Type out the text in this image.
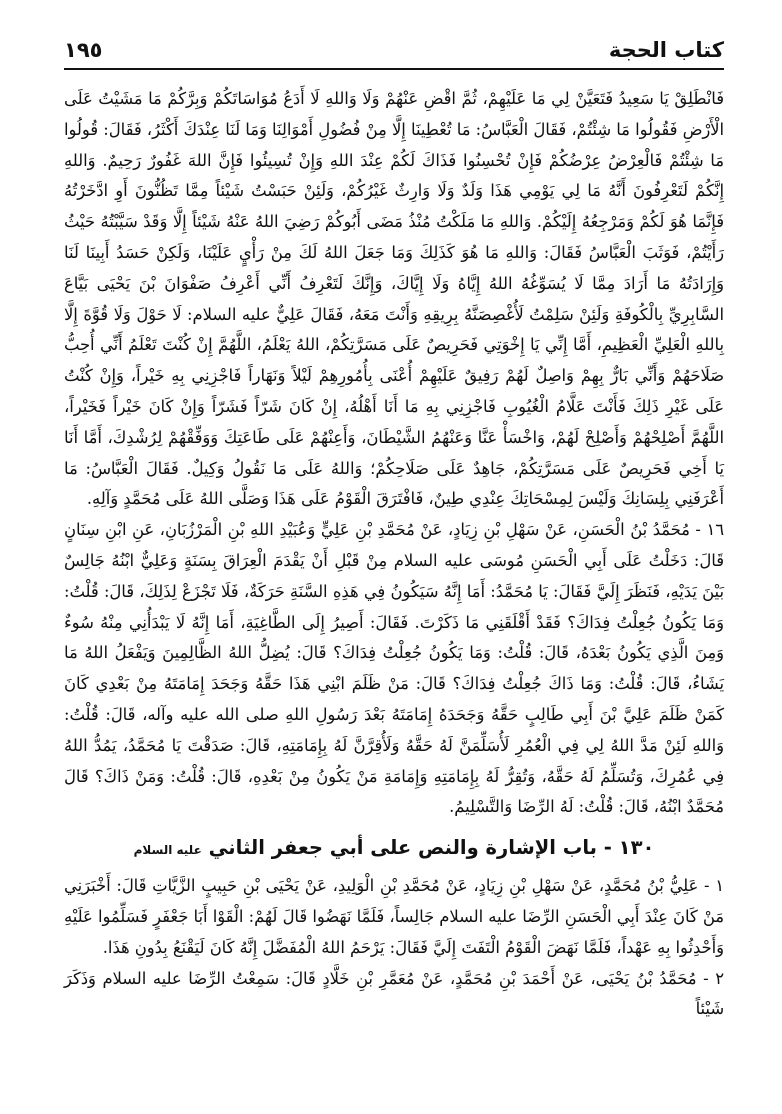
كتاب الحجة
١٩٥

فَانْطَلِقْ يَا سَعِيدُ فَتَعَيَّنْ لِي مَا عَلَيْهِمْ، ثُمَّ اقْضِ عَنْهُمْ وَلَا وَاللهِ لَا أَدَعُ مُوَاسَاتَكُمْ وَبِرَّكُمْ مَا مَشَيْتُ عَلَى الْأَرْضِ فَقُولُوا مَا شِئْتُمْ، فَقَالَ الْعَبَّاسُ: مَا تُعْطِينَا إِلَّا مِنْ فُضُولِ أَمْوَالِنَا وَمَا لَنَا عِنْدَكَ أَكْثَرُ، فَقَالَ: قُولُوا مَا شِئْتُمْ فَالْعِرْضُ عِرْضُكُمْ فَإِنْ تُحْسِنُوا فَذَاكَ لَكُمْ عِنْدَ اللهِ وَإِنْ تُسِيئُوا فَإِنَّ اللهَ غَفُورٌ رَحِيمٌ. وَاللهِ إِنَّكُمْ لَتَعْرِفُونَ أَنَّهُ مَا لِي يَوْمِي هَذَا وَلَدٌ وَلَا وَارِثٌ غَيْرُكُمْ، وَلَئِنْ حَبَسْتُ شَيْئاً مِمَّا تَظُنُّونَ أَوِ ادَّخَرْتُهُ فَإِنَّمَا هُوَ لَكُمْ وَمَرْجِعُهُ إِلَيْكُمْ. وَاللهِ مَا مَلَكْتُ مُنْذُ مَضَى أَبُوكُمْ رَضِيَ اللهُ عَنْهُ شَيْئاً إِلَّا وَقَدْ سَيَّبْتُهُ حَيْثُ رَأَيْتُمْ، فَوَثَبَ الْعَبَّاسُ فَقَالَ: وَاللهِ مَا هُوَ كَذَلِكَ وَمَا جَعَلَ اللهُ لَكَ مِنْ رَأْيٍ عَلَيْنَا، وَلَكِنْ حَسَدُ أَبِينَا لَنَا وَإِرَادَتُهُ مَا أَرَادَ مِمَّا لَا يُسَوِّغُهُ اللهُ إِيَّاهُ وَلَا إِيَّاكَ، وَإِنَّكَ لَتَعْرِفُ أَنِّي أَعْرِفُ صَفْوَانَ بْنَ يَحْيَى بَيَّاعَ السَّابِرِيِّ بِالْكُوفَةِ وَلَئِنْ سَلِمْتُ لَأُغْصِصَنَّهُ بِرِيقِهِ وَأَنْتَ مَعَهُ، فَقَالَ عَلِيٌّ عليه السلام: لَا حَوْلَ وَلَا قُوَّةَ إِلَّا بِاللهِ الْعَلِيِّ الْعَظِيمِ، أَمَّا إِنِّي يَا إِخْوَتِي فَحَرِيصٌ عَلَى مَسَرَّتِكُمْ، اللهُ يَعْلَمُ، اللَّهُمَّ إِنْ كُنْتَ تَعْلَمُ أَنِّي أُحِبُّ صَلَاحَهُمْ وَأَنِّي بَارٌّ بِهِمْ وَاصِلٌ لَهُمْ رَفِيقٌ عَلَيْهِمْ أُعْنَى بِأُمُورِهِمْ لَيْلاً وَنَهَاراً فَاجْزِنِي بِهِ خَيْراً، وَإِنْ كُنْتُ عَلَى غَيْرِ ذَلِكَ فَأَنْتَ عَلَّامُ الْغُيُوبِ فَاجْزِنِي بِهِ مَا أَنَا أَهْلُهُ، إِنْ كَانَ شَرّاً فَشَرّاً وَإِنْ كَانَ خَيْراً فَخَيْراً، اللَّهُمَّ أَصْلِحْهُمْ وَأَصْلِحْ لَهُمْ، وَاخْسَأْ عَنَّا وَعَنْهُمُ الشَّيْطَانَ، وَأَعِنْهُمْ عَلَى طَاعَتِكَ وَوَفِّقْهُمْ لِرُشْدِكَ، أَمَّا أَنَا يَا أَخِي فَحَرِيصٌ عَلَى مَسَرَّتِكُمْ، جَاهِدٌ عَلَى صَلَاحِكُمْ؛ وَاللهُ عَلَى مَا نَقُولُ وَكِيلٌ. فَقَالَ الْعَبَّاسُ: مَا أَعْرَفَنِي بِلِسَانِكَ وَلَيْسَ لِمِسْحَاتِكَ عِنْدِي طِينٌ، فَافْتَرَقَ الْقَوْمُ عَلَى هَذَا وَصَلَّى اللهُ عَلَى مُحَمَّدٍ وَآلِهِ.

١٦ - مُحَمَّدُ بْنُ الْحَسَنِ، عَنْ سَهْلِ بْنِ زِيَادٍ، عَنْ مُحَمَّدِ بْنِ عَلِيٍّ وَعُبَيْدِ اللهِ بْنِ الْمَرْزُبَانِ، عَنِ ابْنِ سِنَانٍ قَالَ: دَخَلْتُ عَلَى أَبِي الْحَسَنِ مُوسَى عليه السلام مِنْ قَبْلِ أَنْ يَقْدَمَ الْعِرَاقَ بِسَنَةٍ وَعَلِيٌّ ابْنُهُ جَالِسٌ بَيْنَ يَدَيْهِ، فَنَظَرَ إِلَيَّ فَقَالَ: يَا مُحَمَّدُ: أَمَا إِنَّهُ سَيَكُونُ فِي هَذِهِ السَّنَةِ حَرَكَةٌ، فَلَا تَجْزَعْ لِذَلِكَ، قَالَ: قُلْتُ: وَمَا يَكُونُ جُعِلْتُ فِدَاكَ؟ فَقَدْ أَقْلَقَنِي مَا ذَكَرْتَ. فَقَالَ: أَصِيرُ إِلَى الطَّاغِيَةِ، أَمَا إِنَّهُ لَا يَبْدَأُنِي مِنْهُ سُوءٌ وَمِنَ الَّذِي يَكُونُ بَعْدَهُ، قَالَ: قُلْتُ: وَمَا يَكُونُ جُعِلْتُ فِدَاكَ؟ قَالَ: يُضِلُّ اللهُ الظَّالِمِينَ وَيَفْعَلُ اللهُ مَا يَشَاءُ، قَالَ: قُلْتُ: وَمَا ذَاكَ جُعِلْتُ فِدَاكَ؟ قَالَ: مَنْ ظَلَمَ ابْنِي هَذَا حَقَّهُ وَجَحَدَ إِمَامَتَهُ مِنْ بَعْدِي كَانَ كَمَنْ ظَلَمَ عَلِيَّ بْنَ أَبِي طَالِبٍ حَقَّهُ وَجَحَدَهُ إِمَامَتَهُ بَعْدَ رَسُولِ اللهِ صلى الله عليه وآله، قَالَ: قُلْتُ: وَاللهِ لَئِنْ مَدَّ اللهُ لِي فِي الْعُمُرِ لَأُسَلِّمَنَّ لَهُ حَقَّهُ وَلَأُقِرَّنَّ لَهُ بِإِمَامَتِهِ، قَالَ: صَدَقْتَ يَا مُحَمَّدُ، يَمُدُّ اللهُ فِي عُمُرِكَ، وَتُسَلِّمُ لَهُ حَقَّهُ، وَتُقِرُّ لَهُ بِإِمَامَتِهِ وَإِمَامَةِ مَنْ يَكُونُ مِنْ بَعْدِهِ، قَالَ: قُلْتُ: وَمَنْ ذَاكَ؟ قَالَ مُحَمَّدٌ ابْنُهُ، قَالَ: قُلْتُ: لَهُ الرِّضَا وَالتَّسْلِيمُ.

١٣٠ - باب الإشارة والنص على أبي جعفر الثاني عليه السلام

١ - عَلِيُّ بْنُ مُحَمَّدٍ، عَنْ سَهْلِ بْنِ زِيَادٍ، عَنْ مُحَمَّدِ بْنِ الْوَلِيدِ، عَنْ يَحْيَى بْنِ حَبِيبٍ الزَّيَّاتِ قَالَ: أَخْبَرَنِي مَنْ كَانَ عِنْدَ أَبِي الْحَسَنِ الرِّضَا عليه السلام جَالِساً، فَلَمَّا نَهَضُوا قَالَ لَهُمْ: الْقَوْا أَبَا جَعْفَرٍ فَسَلِّمُوا عَلَيْهِ وَأَحْدِثُوا بِهِ عَهْداً، فَلَمَّا نَهَضَ الْقَوْمُ الْتَفَتَ إِلَيَّ فَقَالَ: يَرْحَمُ اللهُ الْمُفَضَّلَ إِنَّهُ كَانَ لَيَقْنَعُ بِدُونِ هَذَا.

٢ - مُحَمَّدُ بْنُ يَحْيَى، عَنْ أَحْمَدَ بْنِ مُحَمَّدٍ، عَنْ مُعَمَّرِ بْنِ خَلَّادٍ قَالَ: سَمِعْتُ الرِّضَا عليه السلام وَذَكَرَ شَيْئاً
